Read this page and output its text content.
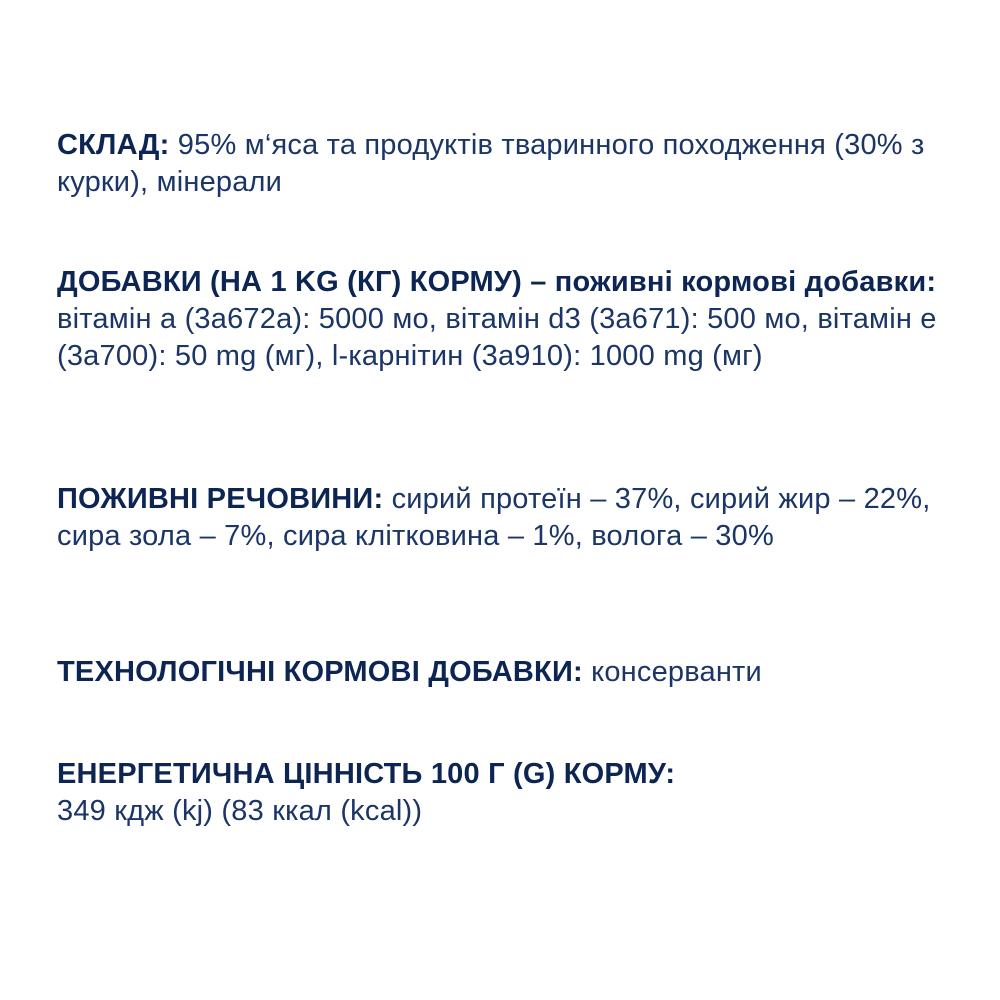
СКЛАД: 95% м‘яса та продуктів тваринного походження (30% з курки), мінерали
ДОБАВКИ (НА 1 KG (КГ) КОРМУ) – поживні кормові добавки: вітамін а (3а672а): 5000 мо, вітамін d3 (3а671): 500 мо, вітамін е (3а700): 50 mg (мг), l-карнітин (3а910): 1000 mg (мг)
ПОЖИВНІ РЕЧОВИНИ: сирий протеїн – 37%, сирий жир – 22%, сира зола – 7%, сира клітковина – 1%, волога – 30%
ТЕХНОЛОГІЧНІ КОРМОВІ ДОБАВКИ: консерванти
ЕНЕРГЕТИЧНА ЦІННІСТЬ 100 Г (G) КОРМУ:
349 кдж (kj) (83 ккал (kcal))
